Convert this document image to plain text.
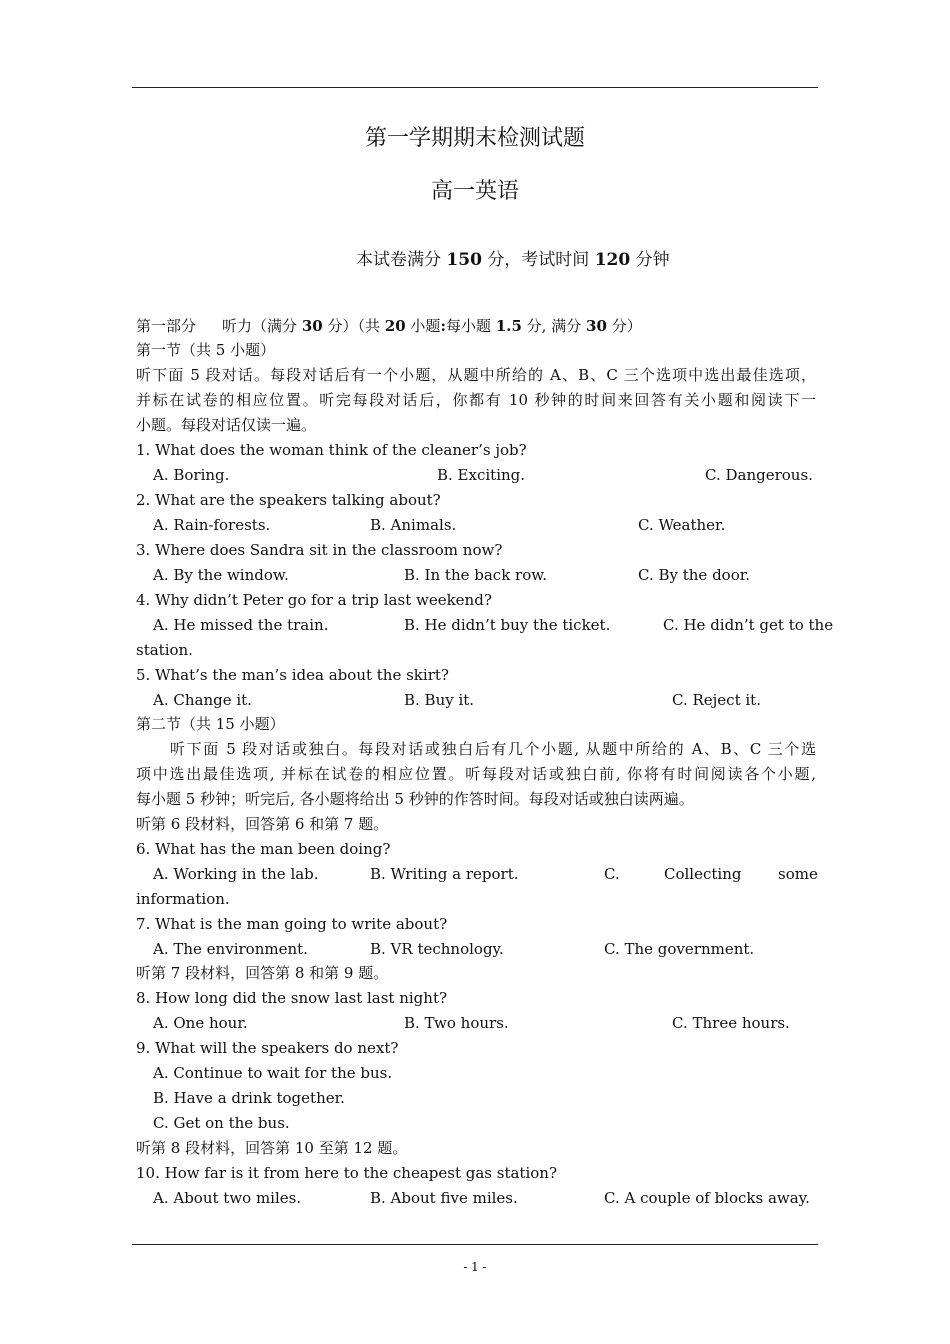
第一学期期末检测试题
高一英语
本试卷满分 150 分，考试时间 120 分钟
第一部分 听力（满分 30 分）（共 20 小题:每小题 1.5 分, 满分 30 分）
第一节（共 5 小题）
听下面 5 段对话。每段对话后有一个小题，从题中所给的 A、B、C 三个选项中选出最佳选项，
并标在试卷的相应位置。听完每段对话后，你都有 10 秒钟的时间来回答有关小题和阅读下一
小题。每段对话仅读一遍。
1. What does the woman think of the cleaner’s job?
A. Boring.	B. Exciting.	C. Dangerous.
2. What are the speakers talking about?
A. Rain-forests.	B. Animals.	C. Weather.
3. Where does Sandra sit in the classroom now?
A. By the window.	B. In the back row.	C. By the door.
4. Why didn’t Peter go for a trip last weekend?
A. He missed the train.	B. He didn’t buy the ticket.	C. He didn’t get to the
station.
5. What’s the man’s idea about the skirt?
A. Change it.	B. Buy it.	C. Reject it.
第二节（共 15 小题）
听下面 5 段对话或独白。每段对话或独白后有几个小题, 从题中所给的 A、B、C 三个选
项中选出最佳选项, 并标在试卷的相应位置。听每段对话或独白前, 你将有时间阅读各个小题,
每小题 5 秒钟；听完后, 各小题将给出 5 秒钟的作答时间。每段对话或独白读两遍。
听第 6 段材料，回答第 6 和第 7 题。
6. What has the man been doing?
A. Working in the lab.	B. Writing a report.	C.	Collecting some
information.
7. What is the man going to write about?
A. The environment.	B. VR technology.	C. The government.
听第 7 段材料，回答第 8 和第 9 题。
8. How long did the snow last last night?
A. One hour.	B. Two hours.	C. Three hours.
9. What will the speakers do next?
A. Continue to wait for the bus.
B. Have a drink together.
C. Get on the bus.
听第 8 段材料，回答第 10 至第 12 题。
10. How far is it from here to the cheapest gas station?
A. About two miles.	B. About five miles.	C. A couple of blocks away.
- 1 -
